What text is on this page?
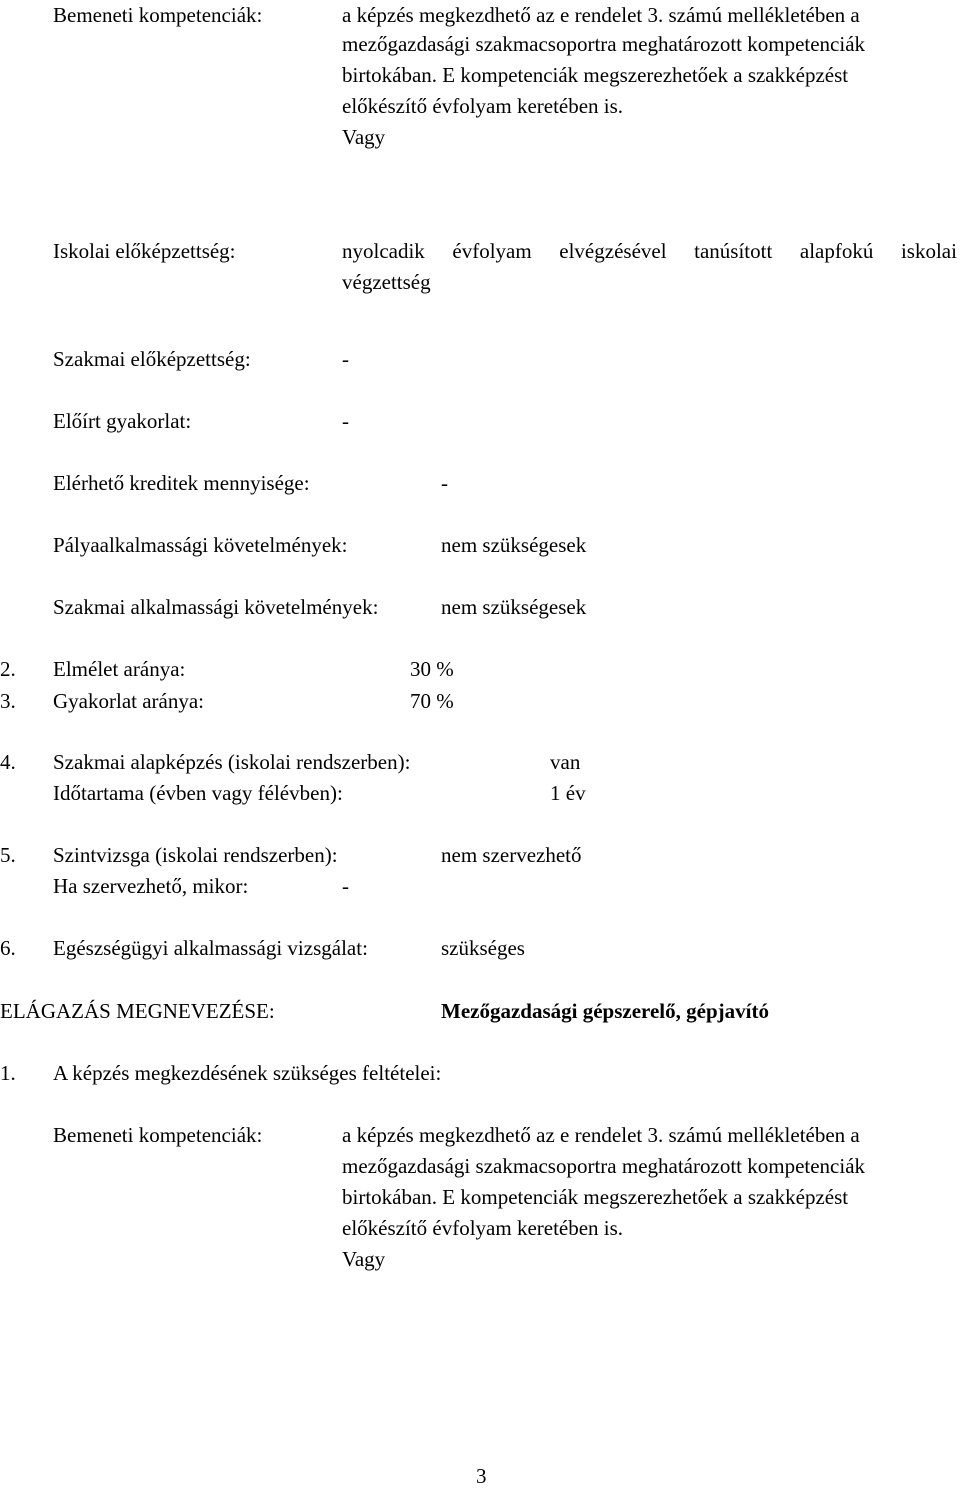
Bemeneti kompetenciák:	a képzés megkezdhető az e rendelet 3. számú mellékletében a
mezőgazdasági szakmacsoportra meghatározott kompetenciák
birtokában. E kompetenciák megszerezhetőek a szakképzést
előkészítő évfolyam keretében is.
Vagy
Iskolai előképzettség:	nyolcadik évfolyam elvégzésével tanúsított alapfokú iskolai
végzettség
Szakmai előképzettség:	-
Előírt gyakorlat:	-
Elérhető kreditek mennyisége:	-
Pályaalkalmassági követelmények:	nem szükségesek
Szakmai alkalmassági követelmények:	nem szükségesek
2. Elmélet aránya:	30 %
3. Gyakorlat aránya:	70 %
4. Szakmai alapképzés (iskolai rendszerben):	van
Időtartama (évben vagy félévben):	1 év
5. Szintvizsga (iskolai rendszerben):	nem szervezhető
Ha szervezhető, mikor:	-
6. Egészségügyi alkalmassági vizsgálat:	szükséges
ELÁGAZÁS MEGNEVEZÉSE:	Mezőgazdasági gépszerelő, gépjavító
1. A képzés megkezdésének szükséges feltételei:
Bemeneti kompetenciák:	a képzés megkezdhető az e rendelet 3. számú mellékletében a
mezőgazdasági szakmacsoportra meghatározott kompetenciák
birtokában. E kompetenciák megszerezhetőek a szakképzést
előkészítő évfolyam keretében is.
Vagy
3
